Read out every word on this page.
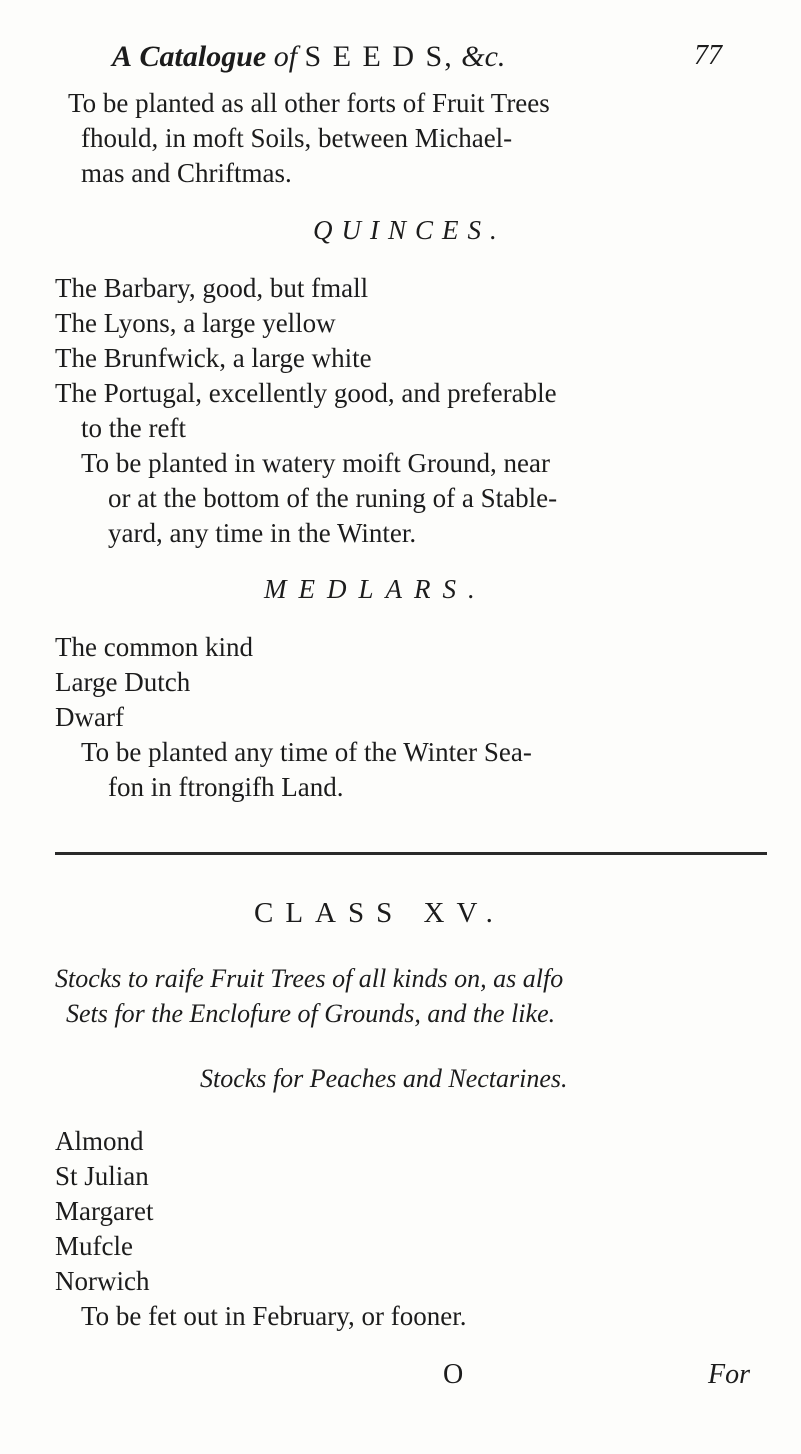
A Catalogue of S E E D S, &c.	77
To be planted as all other forts of Fruit Trees
fhould, in moft Soils, between Michael-
mas and Chriftmas.
QUINCES.
The Barbary, good, but fmall
The Lyons, a large yellow
The Brunfwick, a large white
The Portugal, excellently good, and preferable
to the reft
To be planted in watery moift Ground, near
or at the bottom of the runing of a Stable-
yard, any time in the Winter.
MEDLARS.
The common kind
Large Dutch
Dwarf
To be planted any time of the Winter Sea-
fon in ftrongifh Land.
CLASS XV.
Stocks to raife Fruit Trees of all kinds on, as alfo
Sets for the Enclofure of Grounds, and the like.
Stocks for Peaches and Nectarines.
Almond
St Julian
Margaret
Mufcle
Norwich
To be fet out in February, or fooner.
O	For
